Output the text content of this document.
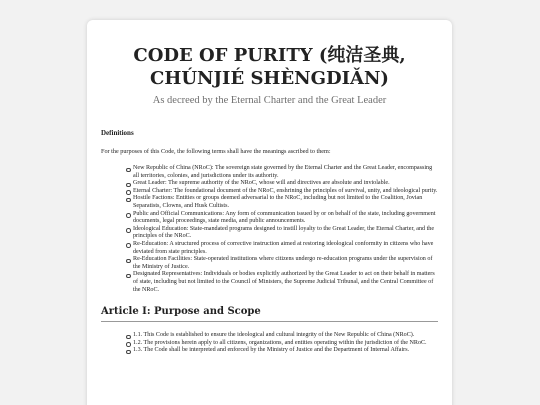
CODE OF PURITY (纯洁圣典,
CHÚNJIÉ SHÈNGDIǍN)
As decreed by the Eternal Charter and the Great Leader
Definitions
For the purposes of this Code, the following terms shall have the meanings ascribed to them:
New Republic of China (NRoC): The sovereign state governed by the Eternal Charter and the Great Leader, encompassing all territories, colonies, and jurisdictions under its authority.
Great Leader: The supreme authority of the NRoC, whose will and directives are absolute and inviolable.
Eternal Charter: The foundational document of the NRoC, enshrining the principles of survival, unity, and ideological purity.
Hostile Factions: Entities or groups deemed adversarial to the NRoC, including but not limited to the Coalition, Jovian Separatists, Clowns, and Husk Cultists.
Public and Official Communications: Any form of communication issued by or on behalf of the state, including government documents, legal proceedings, state media, and public announcements.
Ideological Education: State-mandated programs designed to instill loyalty to the Great Leader, the Eternal Charter, and the principles of the NRoC.
Re-Education: A structured process of corrective instruction aimed at restoring ideological conformity in citizens who have deviated from state principles.
Re-Education Facilities: State-operated institutions where citizens undergo re-education programs under the supervision of the Ministry of Justice.
Designated Representatives: Individuals or bodies explicitly authorized by the Great Leader to act on their behalf in matters of state, including but not limited to the Council of Ministers, the Supreme Judicial Tribunal, and the Central Committee of the NRoC.
Article I: Purpose and Scope
1.1. This Code is established to ensure the ideological and cultural integrity of the New Republic of China (NRoC).
1.2. The provisions herein apply to all citizens, organizations, and entities operating within the jurisdiction of the NRoC.
1.3. The Code shall be interpreted and enforced by the Ministry of Justice and the Department of Internal Affairs.
